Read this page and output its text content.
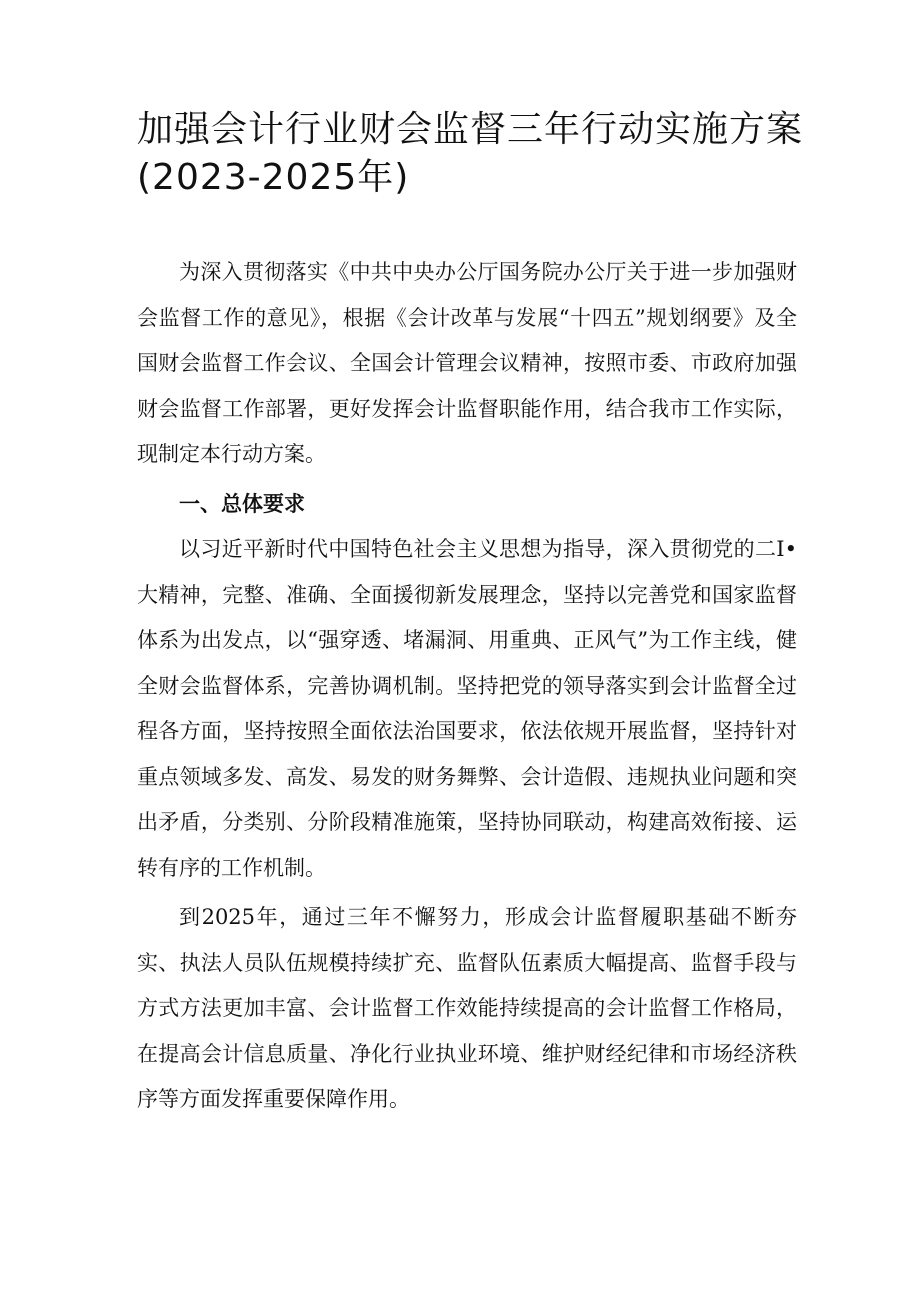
加强会计行业财会监督三年行动实施方案
(2023-2025年)

为深入贯彻落实《中共中央办公厅国务院办公厅关于进一步加强财会监督工作的意见》，根据《会计改革与发展“十四五”规划纲要》及全国财会监督工作会议、全国会计管理会议精神，按照市委、市政府加强财会监督工作部署，更好发挥会计监督职能作用，结合我市工作实际，现制定本行动方案。

一、总体要求

以习近平新时代中国特色社会主义思想为指导，深入贯彻党的二I•大精神，完整、准确、全面援彻新发展理念，坚持以完善党和国家监督体系为出发点，以“强穿透、堵漏洞、用重典、正风气”为工作主线，健全财会监督体系，完善协调机制。坚持把党的领导落实到会计监督全过程各方面，坚持按照全面依法治国要求，依法依规开展监督，坚持针对重点领域多发、高发、易发的财务舞弊、会计造假、违规执业问题和突出矛盾，分类别、分阶段精准施策，坚持协同联动，构建高效衔接、运转有序的工作机制。

到2025年，通过三年不懈努力，形成会计监督履职基础不断夯实、执法人员队伍规模持续扩充、监督队伍素质大幅提高、监督手段与方式方法更加丰富、会计监督工作效能持续提高的会计监督工作格局，在提高会计信息质量、净化行业执业环境、维护财经纪律和市场经济秩序等方面发挥重要保障作用。
